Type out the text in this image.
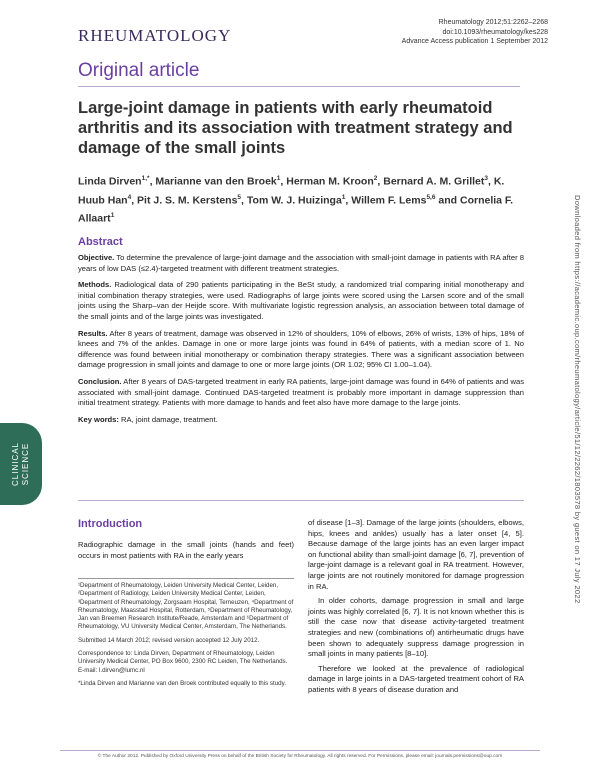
RHEUMATOLOGY
Rheumatology 2012;51:2262–2268
doi:10.1093/rheumatology/kes228
Advance Access publication 1 September 2012
Original article
Large-joint damage in patients with early rheumatoid arthritis and its association with treatment strategy and damage of the small joints
Linda Dirven$^{1,*}$, Marianne van den Broek$^1$, Herman M. Kroon$^2$, Bernard A. M. Grillet$^3$, K. Huub Han$^4$, Pit J. S. M. Kerstens$^5$, Tom W. J. Huizinga$^1$, Willem F. Lems$^{5,6}$ and Cornelia F. Allaart$^1$
Abstract

Objective. To determine the prevalence of large-joint damage and the association with small-joint damage in patients with RA after 8 years of low DAS (≤2.4)-targeted treatment with different treatment strategies.

Methods. Radiological data of 290 patients participating in the BeSt study, a randomized trial comparing initial monotherapy and initial combination therapy strategies, were used. Radiographs of large joints were scored using the Larsen score and of the small joints using the Sharp–van der Heijde score. With multivariate logistic regression analysis, an association between total damage of the small joints and of the large joints was investigated.

Results. After 8 years of treatment, damage was observed in 12% of shoulders, 10% of elbows, 26% of wrists, 13% of hips, 18% of knees and 7% of the ankles. Damage in one or more large joints was found in 64% of patients, with a median score of 1. No difference was found between initial monotherapy or combination therapy strategies. There was a significant association between damage progression in small joints and damage to one or more large joints (OR 1.02; 95% CI 1.00–1.04).

Conclusion. After 8 years of DAS-targeted treatment in early RA patients, large-joint damage was found in 64% of patients and was associated with small-joint damage. Continued DAS-targeted treatment is probably more important in damage suppression than initial treatment strategy. Patients with more damage to hands and feet also have more damage to the large joints.

Key words: RA, joint damage, treatment.

CLINICAL SCIENCE	Downloaded from https://academic.oup.com/rheumatology/article/51/12/2262/1803578 by guest on 17 July 2022
Introduction

Radiographic damage in the small joints (hands and feet) occurs in most patients with RA in the early years

¹Department of Rheumatology, Leiden University Medical Center, Leiden, ²Department of Radiology, Leiden University Medical Center, Leiden, ³Department of Rheumatology, Zorgsaam Hospital, Terneuzen, ⁴Department of Rheumatology, Maasstad Hospital, Rotterdam, ⁵Department of Rheumatology, Jan van Breemen Research Institute/Reade, Amsterdam and ⁶Department of Rheumatology, VU University Medical Center, Amsterdam, The Netherlands.

Submitted 14 March 2012; revised version accepted 12 July 2012.

Correspondence to: Linda Dirven, Department of Rheumatology, Leiden University Medical Center, PO Box 9600, 2300 RC Leiden, The Netherlands. E-mail: l.dirven@lumc.nl

*Linda Dirven and Marianne van den Broek contributed equally to this study.

of disease [1–3]. Damage of the large joints (shoulders, elbows, hips, knees and ankles) usually has a later onset [4, 5]. Because damage of the large joints has an even larger impact on functional ability than small-joint damage [6, 7], prevention of large-joint damage is a relevant goal in RA treatment. However, large joints are not routinely monitored for damage progression in RA.

In older cohorts, damage progression in small and large joints was highly correlated [6, 7]. It is not known whether this is still the case now that disease activity-targeted treatment strategies and new (combinations of) antirheumatic drugs have been shown to adequately suppress damage progression in small joints in many patients [8–10].

Therefore we looked at the prevalence of radiological damage in large joints in a DAS-targeted treatment cohort of RA patients with 8 years of disease duration and

© The Author 2012. Published by Oxford University Press on behalf of the British Society for Rheumatology. All rights reserved. For Permissions, please email: journals.permissions@oup.com
